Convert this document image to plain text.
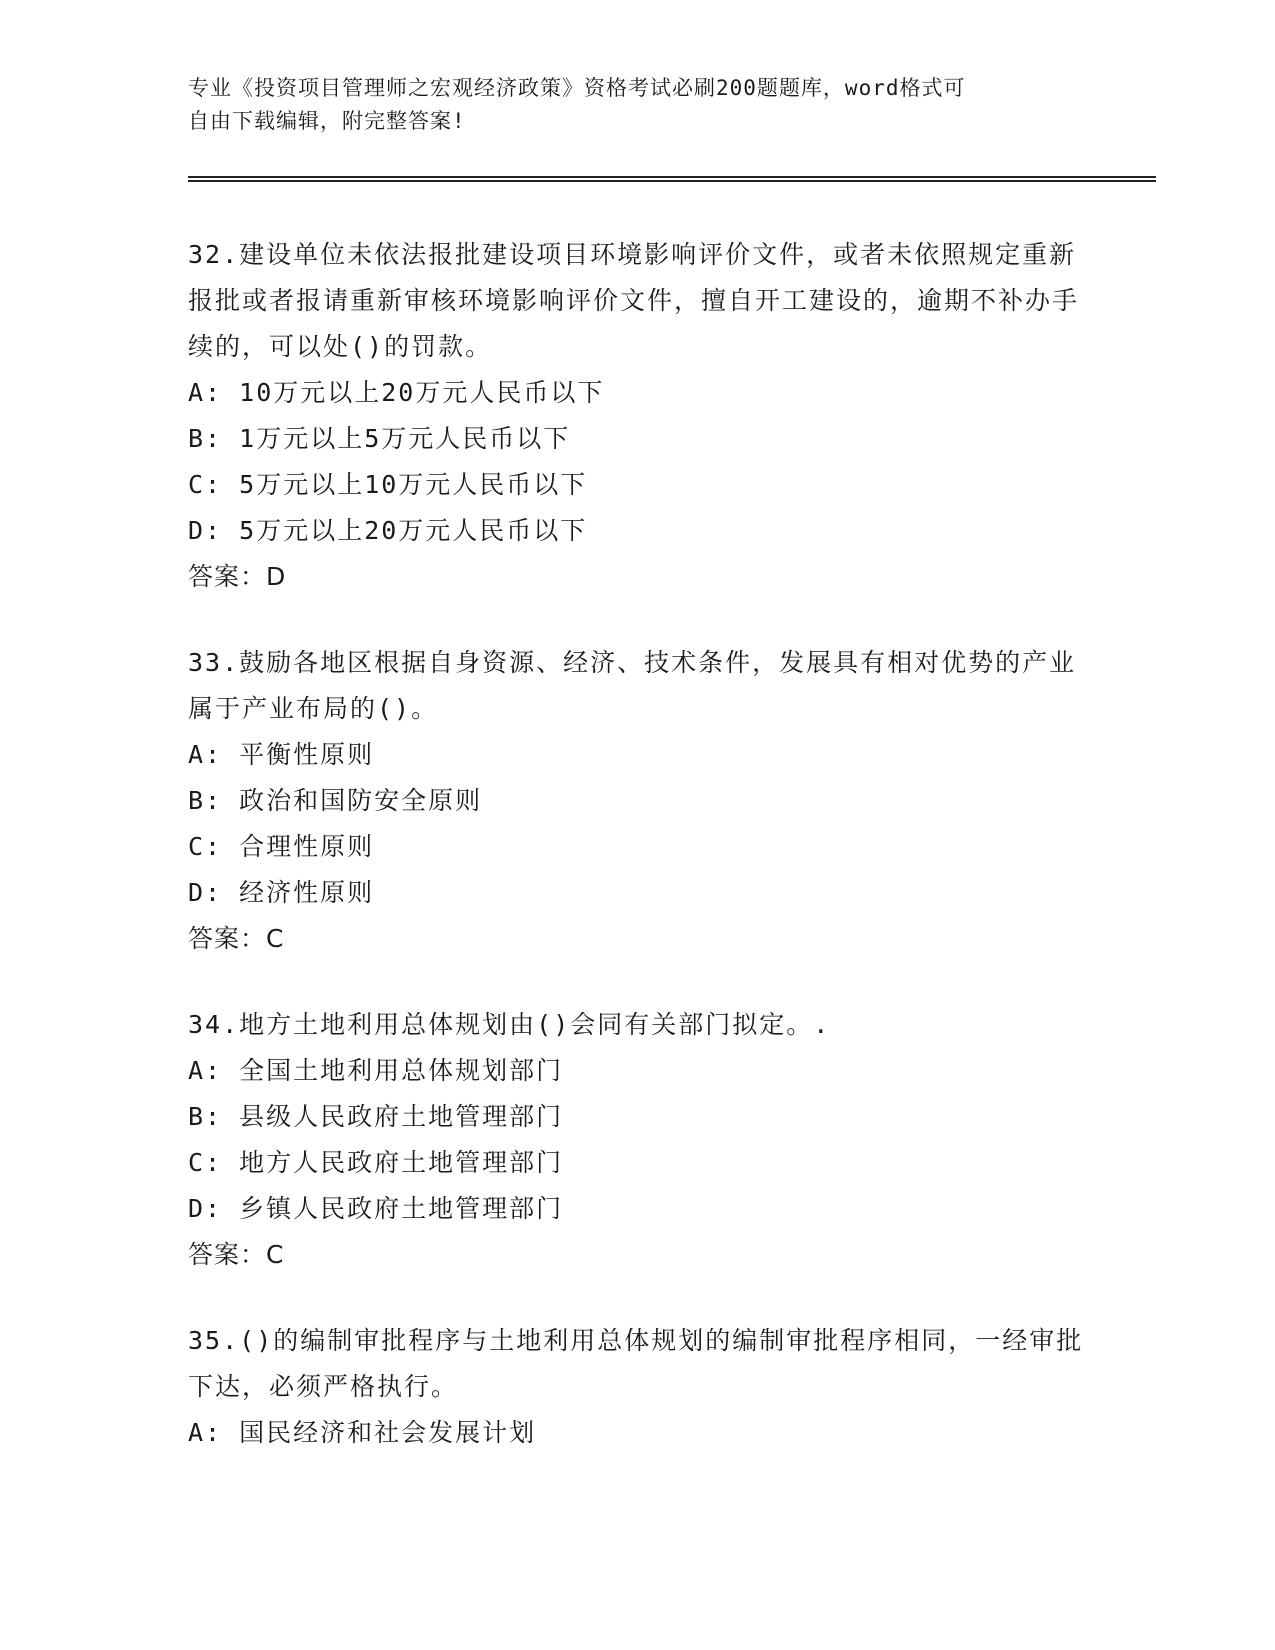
专业《投资项目管理师之宏观经济政策》资格考试必刷200题题库，word格式可
自由下载编辑，附完整答案!

32.建设单位未依法报批建设项目环境影响评价文件，或者未依照规定重新报批或者报请重新审核环境影响评价文件，擅自开工建设的，逾期不补办手续的，可以处()的罚款。

A: 10万元以上20万元人民币以下

B: 1万元以上5万元人民币以下

C: 5万元以上10万元人民币以下

D: 5万元以上20万元人民币以下

答案：D

33.鼓励各地区根据自身资源、经济、技术条件，发展具有相对优势的产业属于产业布局的()。

A: 平衡性原则

B: 政治和国防安全原则

C: 合理性原则

D: 经济性原则

答案：C

34.地方土地利用总体规划由()会同有关部门拟定。.

A: 全国土地利用总体规划部门

B: 县级人民政府土地管理部门

C: 地方人民政府土地管理部门

D: 乡镇人民政府土地管理部门

答案：C

35.()的编制审批程序与土地利用总体规划的编制审批程序相同，一经审批下达，必须严格执行。

A: 国民经济和社会发展计划
